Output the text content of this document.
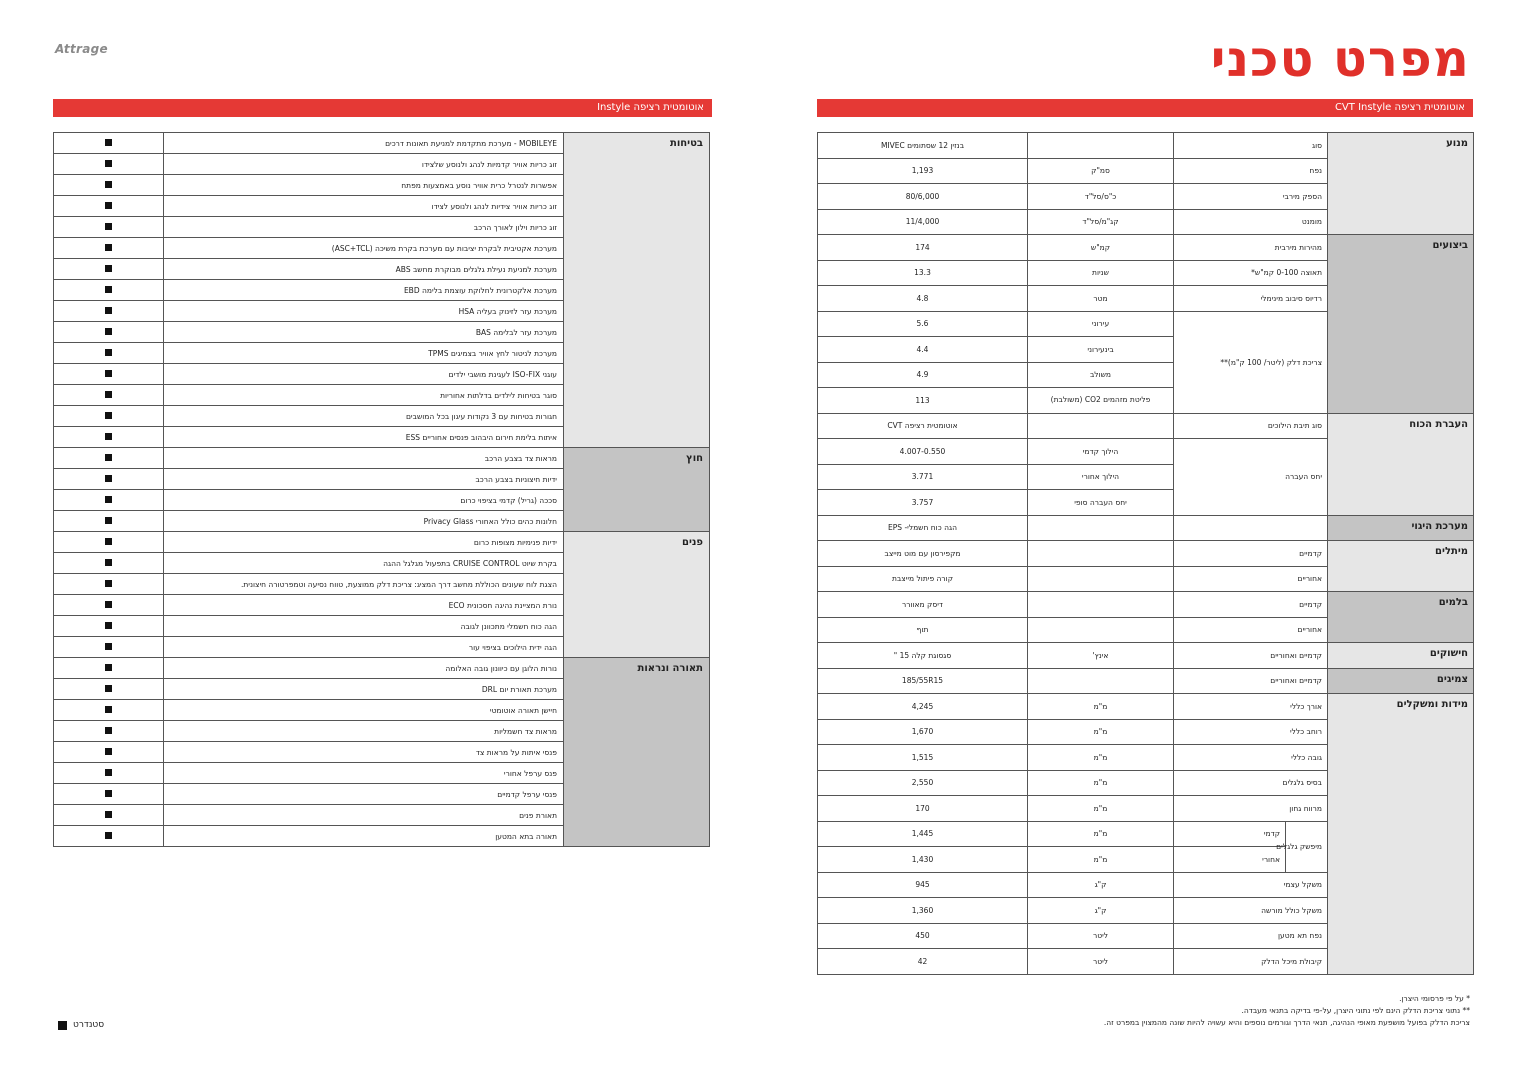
Attrage	מפרט טכני
אוטומטית רציפה Instyle	אוטומטית רציפה CVT Instyle
בטיחות	MOBILEYE - מערכת מתקדמת למניעת תאונות דרכים	
	זוג כריות אוויר קדמיות לנהג ולנוסע שלצידו	
	אפשרות לנטרל כרית אוויר נוסע באמצעות מפתח	
	זוג כריות אוויר צידיות לנהג ולנוסע לצידו	
	זוג כריות וילון לאורך הרכב	
	מערכת אקטיבית לבקרת יציבות עם מערכת בקרת משיכה (ASC+TCL)	
	מערכת למניעת נעילת גלגלים מבוקרת מחשב ABS	
	מערכת אלקטרונית לחלוקת עוצמת בלימה EBD	
	מערכת עזר לזינוק בעליה HSA	
	מערכת עזר לבלימה BAS	
	מערכת לניטור לחץ אוויר בצמיגים TPMS	
	עוגני ISO-FIX לעגינת מושבי ילדים	
	סוגר בטיחות לילדים בדלתות אחוריות	
	חגורות בטיחות עם 3 נקודות עיגון בכל המושבים	
	איתות בלימת חירום היבהוב פנסים אחוריים ESS	
חוץ	מראות צד בצבע הרכב	
	ידיות חיצוניות בצבע הרכב	
	סככה (גריל) קדמי בציפוי כרום	
	חלונות כהים כולל האחורי Privacy Glass	
פנים	ידיות פנימיות מצופות כרום	
	בקרת שיוט CRUISE CONTROL בתפעול מגלגל ההגה	
	הצגת לוח שעונים הכוללת מחשב דרך המציג: צריכת דלק ממוצעת, טווח נסיעה וטמפרטורה חיצונית.	
	נורת המציינת נהיגה חסכונית ECO	
	הגה כוח חשמלי מתכוונן לגובה	
	הגה ידית הילוכים בציפוי עור	
תאורה ונראות	נורות הלוגן עם כיוונון גובה האלומה	
	מערכת תאורת יום DRL	
	חיישן תאורה אוטומטי	
	מראות צד חשמליות	
	פנסי איתות על מראות צד	
	פנס ערפל אחורי	
	פנסי ערפל קדמיים	
	תאורת פנים	
	תאורה בתא המטען	
מנוע	סוג			בנזין 12 שסתומים MIVEC
	נפח		סמ"ק	1,193
	הספק מירבי		כ"ס/סל"ד	80/6,000
	מומנט		קג"מ/סל"ד	11/4,000
ביצועים	מהירות מירבית		קמ"ש	174
	תאוצה 0-100 קמ"ש*		שניות	13.3
	רדיוס סיבוב מינימלי		מטר	4.8
	צריכת דלק (ליטר/ 100 ק"מ)**		עירוני	5.6
			בינעירוני	4.4
			משולב	4.9
			פליטת מזהמים CO2 (משולבת)	113
העברת הכוח	סוג תיבת הילוכים			אוטומטית רציפה CVT
	יחס העברה		הילוך קדמי	4.007-0.550
			הילוך אחורי	3.771
			יחס העברה סופי	3.757
מערכת היגוי				הגה כוח חשמלי- EPS
מיתלים	קדמיים			מקפירסון עם מוט מייצב
	אחוריים			קורה פיתול מייצבת
בלמים	קדמיים			דיסק מאוורר
	אחוריים			תוף
חישוקים	קדמיים ואחוריים		אינץ'	סגסוגת קלה 15 "
צמיגים	קדמיים ואחוריים			185/55R15
מידות ומשקלים	אורך כללי		מ"מ	4,245
	רוחב כללי		מ"מ	1,670
	גובה כללי		מ"מ	1,515
	בסיס גלגלים		מ"מ	2,550
	מרווח גחון		מ"מ	170
	מיפשק גלגלים	קדמי	מ"מ	1,445
		אחורי	מ"מ	1,430
	משקל עצמי		ק"ג	945
	משקל כולל מורשה		ק"ג	1,360
	נפח תא מטען		ליטר	450
	קיבולת מיכל הדלק		ליטר	42
סטנדרט
* על פי פרסומי היצרן.
** נתוני צריכת הדלק הינם לפי נתוני היצרן, על-פי בדיקה בתנאי מעבדה.
צריכת הדלק בפועל מושפעת מאופי הנהיגה, תנאי הדרך וגורמים נוספים והיא עשויה להיות שונה מהמצוין במפרט זה.
